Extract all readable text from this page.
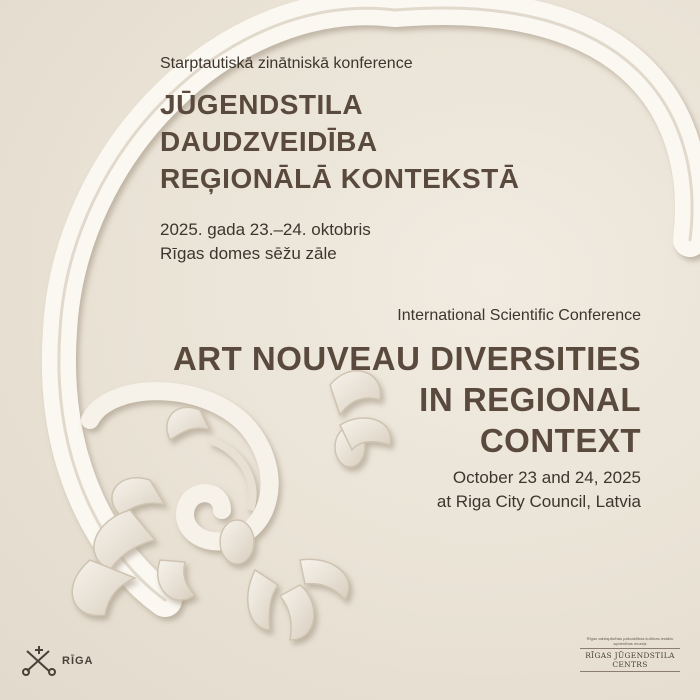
Starptautiskā zinātniskā konference
JŪGENDSTILA
DAUDZVEIDĪBA
REĢIONĀLĀ KONTEKSTĀ
2025. gada 23.–24. oktobris
Rīgas domes sēžu zāle
International Scientific Conference
ART NOUVEAU DIVERSITIES
IN REGIONAL
CONTEXT
October 23 and 24, 2025
at Riga City Council, Latvia
RĪGA
Rīgas valstspilsētas pašvaldības kultūras iestāžu apvienības muzejs
RĪGAS JŪGENDSTILA CENTRS
